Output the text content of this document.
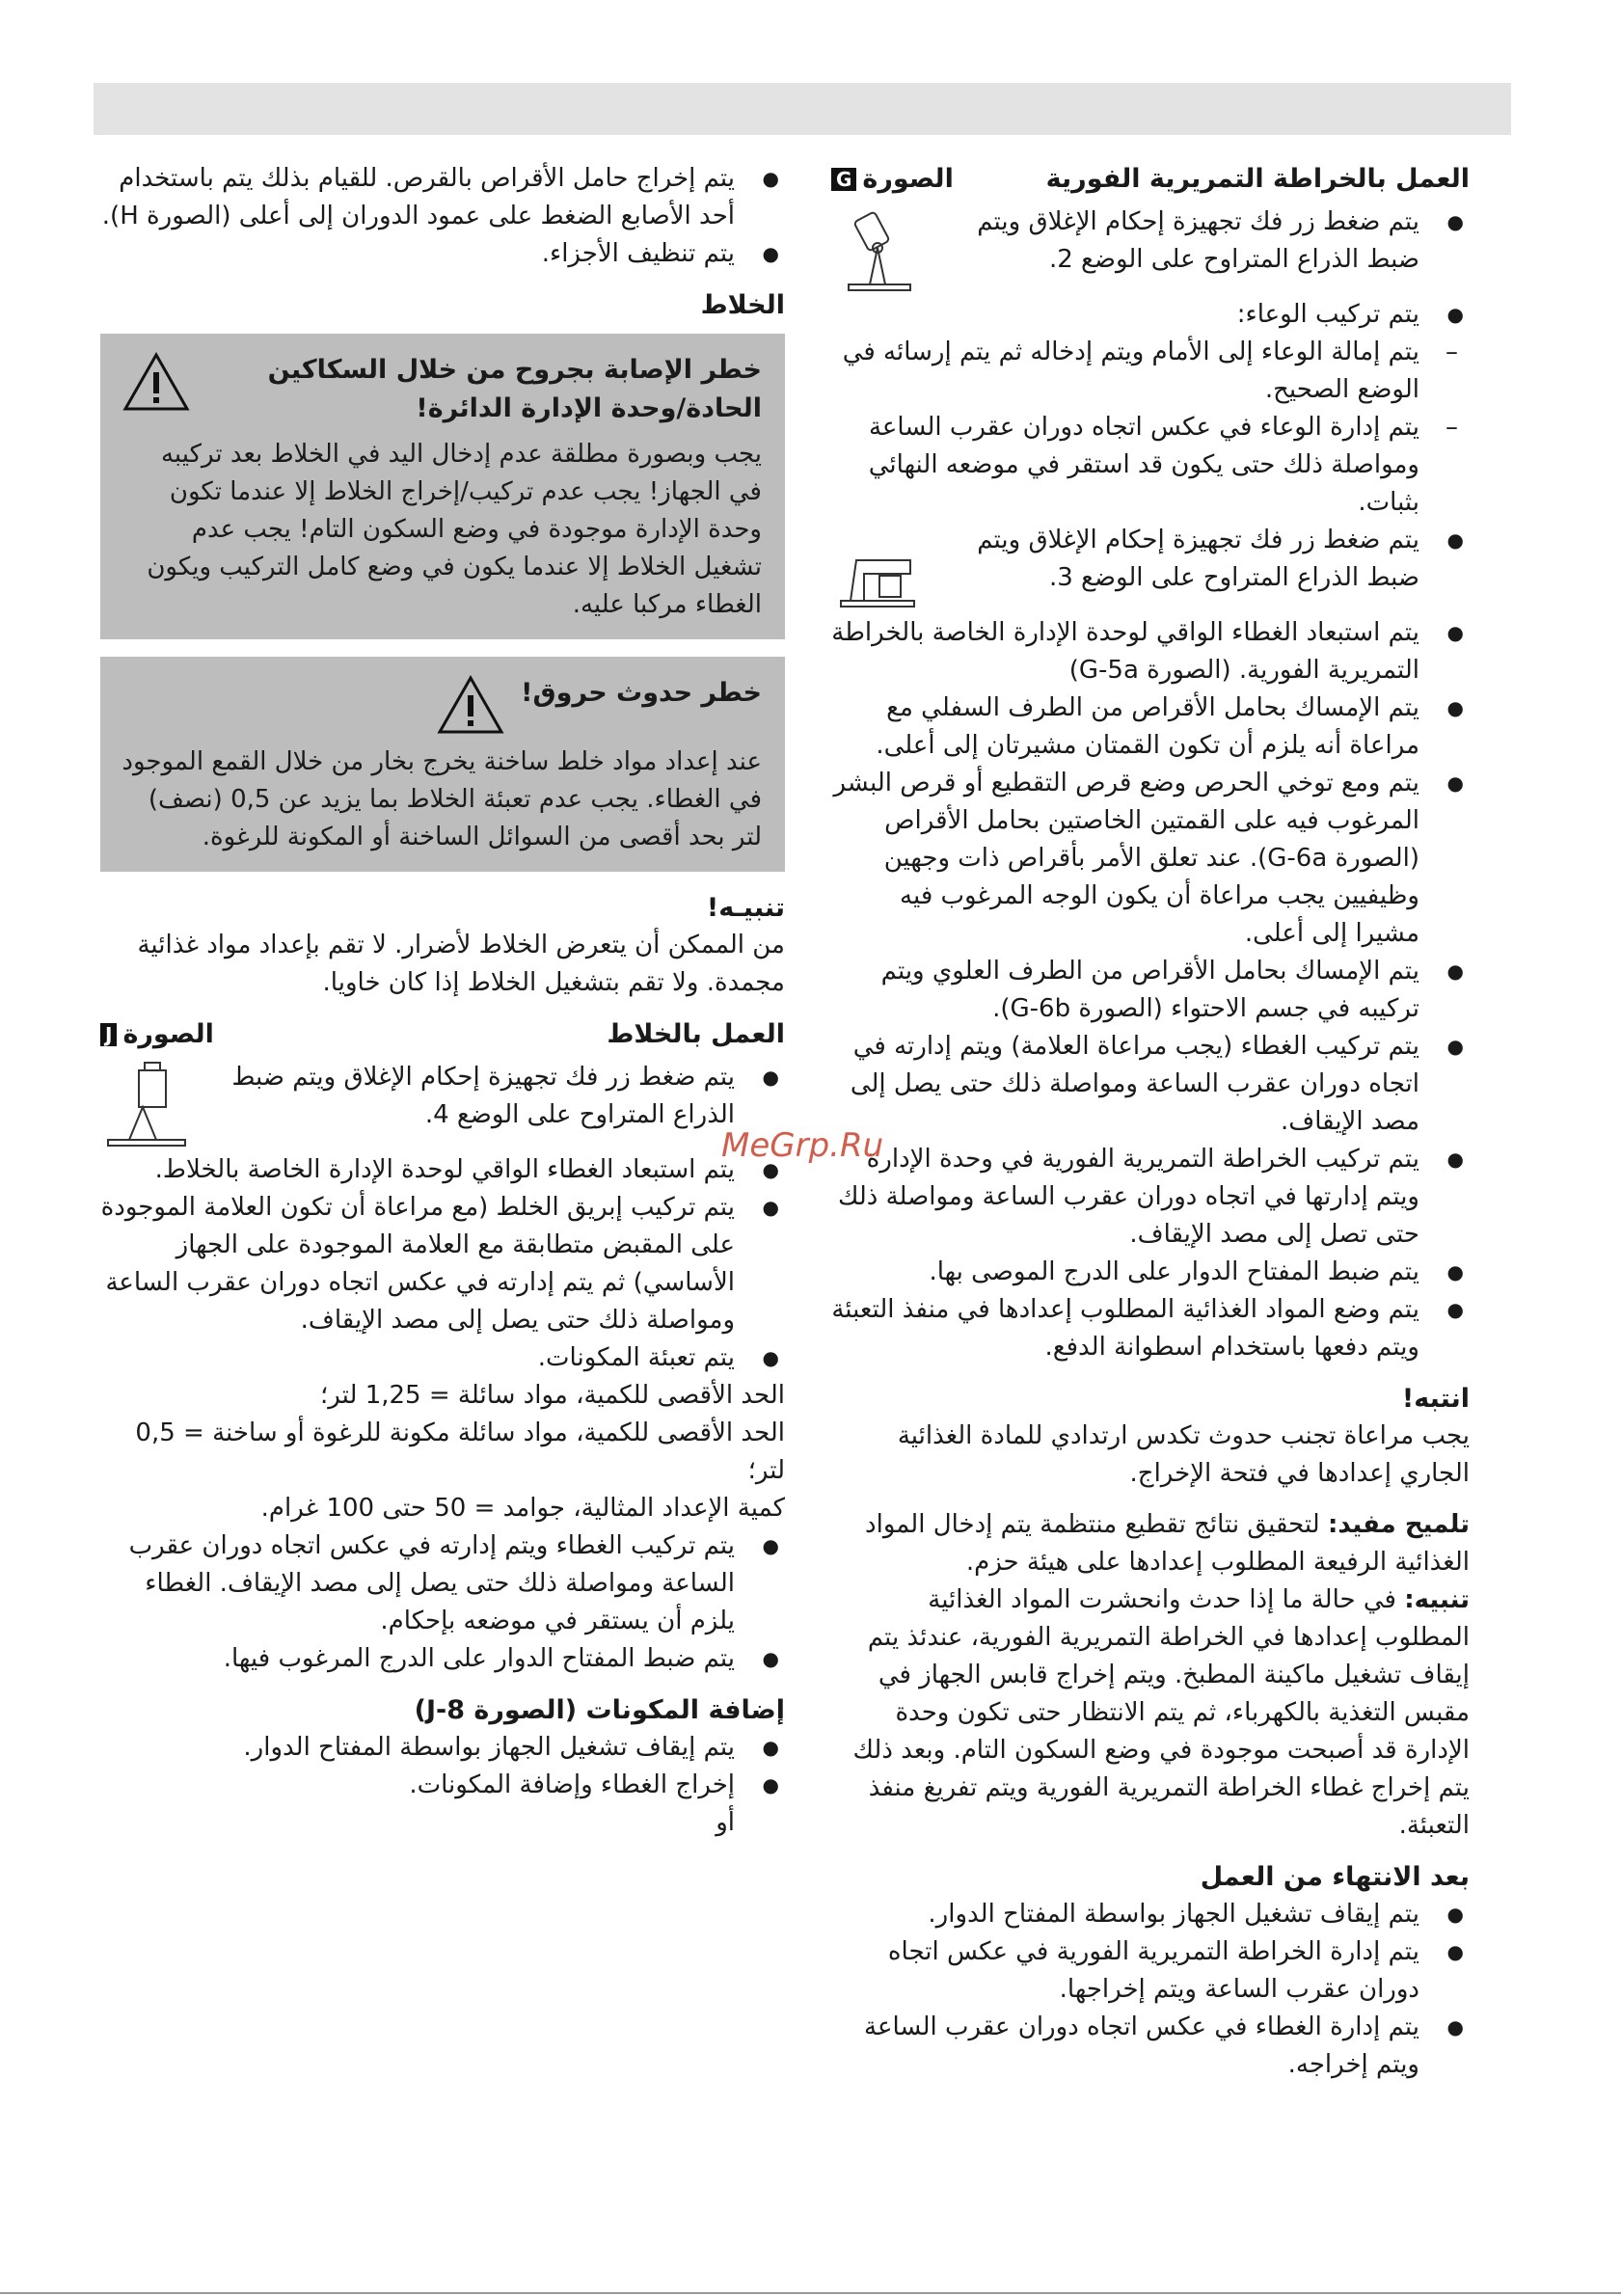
العمل بالخراطة التمريرية الفورية
الصورة
G
● يتم ضغط زر فك تجهيزة إحكام الإغلاق ويتم ضبط الذراع المتراوح على الوضع 2.
● يتم تركيب الوعاء:
– يتم إمالة الوعاء إلى الأمام ويتم إدخاله ثم يتم إرسائه في الوضع الصحيح.
– يتم إدارة الوعاء في عكس اتجاه دوران عقرب الساعة ومواصلة ذلك حتى يكون قد استقر في موضعه النهائي بثبات.
● يتم ضغط زر فك تجهيزة إحكام الإغلاق ويتم ضبط الذراع المتراوح على الوضع 3.
● يتم استبعاد الغطاء الواقي لوحدة الإدارة الخاصة بالخراطة التمريرية الفورية. (الصورة G-5a)
● يتم الإمساك بحامل الأقراص من الطرف السفلي مع مراعاة أنه يلزم أن تكون القمتان مشيرتان إلى أعلى.
● يتم ومع توخي الحرص وضع قرص التقطيع أو قرص البشر المرغوب فيه على القمتين الخاصتين بحامل الأقراص (الصورة G-6a). عند تعلق الأمر بأقراص ذات وجهين وظيفيين يجب مراعاة أن يكون الوجه المرغوب فيه مشيرا إلى أعلى.
● يتم الإمساك بحامل الأقراص من الطرف العلوي ويتم تركيبه في جسم الاحتواء (الصورة G-6b).
● يتم تركيب الغطاء (يجب مراعاة العلامة) ويتم إدارته في اتجاه دوران عقرب الساعة ومواصلة ذلك حتى يصل إلى مصد الإيقاف.
● يتم تركيب الخراطة التمريرية الفورية في وحدة الإدارة ويتم إدارتها في اتجاه دوران عقرب الساعة ومواصلة ذلك حتى تصل إلى مصد الإيقاف.
● يتم ضبط المفتاح الدوار على الدرج الموصى بها.
● يتم وضع المواد الغذائية المطلوب إعدادها في منفذ التعبئة ويتم دفعها باستخدام اسطوانة الدفع.
انتبه!
يجب مراعاة تجنب حدوث تكدس ارتدادي للمادة الغذائية الجاري إعدادها في فتحة الإخراج.
تلميح مفيد: لتحقيق نتائج تقطيع منتظمة يتم إدخال المواد الغذائية الرفيعة المطلوب إعدادها على هيئة حزم.
تنبيه: في حالة ما إذا حدث وانحشرت المواد الغذائية المطلوب إعدادها في الخراطة التمريرية الفورية، عندئذ يتم إيقاف تشغيل ماكينة المطبخ. ويتم إخراج قابس الجهاز في مقبس التغذية بالكهرباء، ثم يتم الانتظار حتى تكون وحدة الإدارة قد أصبحت موجودة في وضع السكون التام. وبعد ذلك يتم إخراج غطاء الخراطة التمريرية الفورية ويتم تفريغ منفذ التعبئة.
بعد الانتهاء من العمل
● يتم إيقاف تشغيل الجهاز بواسطة المفتاح الدوار.
● يتم إدارة الخراطة التمريرية الفورية في عكس اتجاه دوران عقرب الساعة ويتم إخراجها.
● يتم إدارة الغطاء في عكس اتجاه دوران عقرب الساعة ويتم إخراجه.
● يتم إخراج حامل الأقراص بالقرص. للقيام بذلك يتم باستخدام أحد الأصابع الضغط على عمود الدوران إلى أعلى (الصورة H).
● يتم تنظيف الأجزاء.
الخلاط
خطر الإصابة بجروح من خلال السكاكين الحادة/وحدة الإدارة الدائرة!
يجب وبصورة مطلقة عدم إدخال اليد في الخلاط بعد تركيبه في الجهاز! يجب عدم تركيب/إخراج الخلاط إلا عندما تكون وحدة الإدارة موجودة في وضع السكون التام! يجب عدم تشغيل الخلاط إلا عندما يكون في وضع كامل التركيب ويكون الغطاء مركبا عليه.
خطر حدوث حروق!
عند إعداد مواد خلط ساخنة يخرج بخار من خلال القمع الموجود في الغطاء. يجب عدم تعبئة الخلاط بما يزيد عن 0,5 (نصف) لتر بحد أقصى من السوائل الساخنة أو المكونة للرغوة.
تنبيـه!
من الممكن أن يتعرض الخلاط لأضرار. لا تقم بإعداد مواد غذائية مجمدة. ولا تقم بتشغيل الخلاط إذا كان خاويا.
العمل بالخلاط
الصورة
J
● يتم ضغط زر فك تجهيزة إحكام الإغلاق ويتم ضبط الذراع المتراوح على الوضع 4.
● يتم استبعاد الغطاء الواقي لوحدة الإدارة الخاصة بالخلاط.
● يتم تركيب إبريق الخلط (مع مراعاة أن تكون العلامة الموجودة على المقبض متطابقة مع العلامة الموجودة على الجهاز الأساسي) ثم يتم إدارته في عكس اتجاه دوران عقرب الساعة ومواصلة ذلك حتى يصل إلى مصد الإيقاف.
● يتم تعبئة المكونات.
الحد الأقصى للكمية، مواد سائلة = 1,25 لتر؛
الحد الأقصى للكمية، مواد سائلة مكونة للرغوة أو ساخنة = 0,5 لتر؛
كمية الإعداد المثالية، جوامد = 50 حتى 100 غرام.
● يتم تركيب الغطاء ويتم إدارته في عكس اتجاه دوران عقرب الساعة ومواصلة ذلك حتى يصل إلى مصد الإيقاف. الغطاء يلزم أن يستقر في موضعه بإحكام.
● يتم ضبط المفتاح الدوار على الدرج المرغوب فيها.
إضافة المكونات (الصورة J-8)
● يتم إيقاف تشغيل الجهاز بواسطة المفتاح الدوار.
● إخراج الغطاء وإضافة المكونات.
أو
MeGrp.Ru
